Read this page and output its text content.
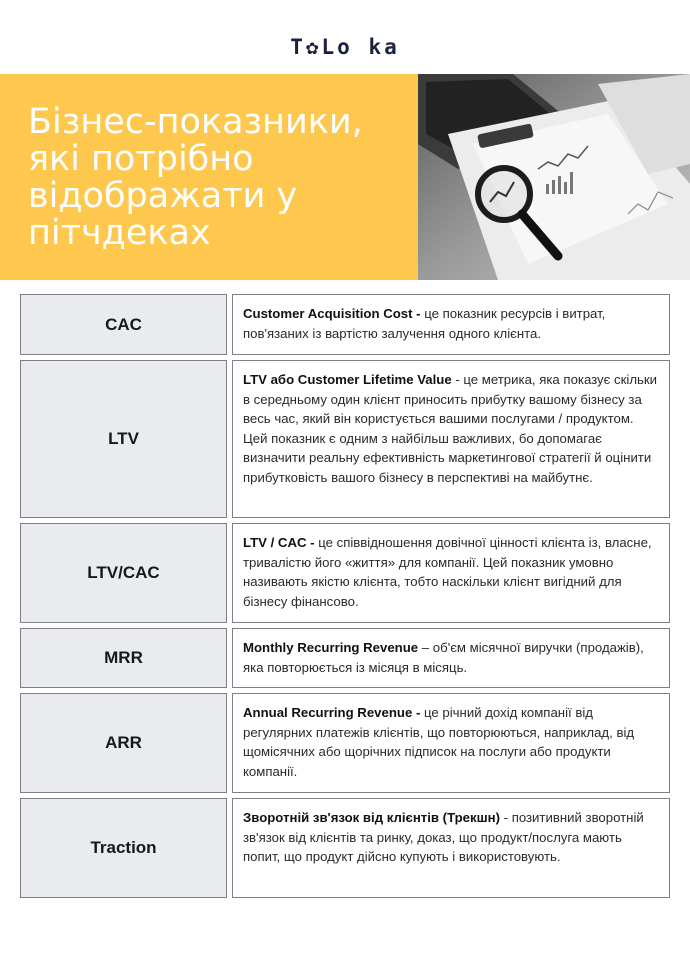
T✿Lo ka
Бізнес-показники,
які потрібно
відображати у
пітчдеках
CAC
Customer Acquisition Cost - це показник ресурсів і витрат, пов'язаних із вартістю залучення одного клієнта.
LTV
LTV або Customer Lifetime Value - це метрика, яка показує скільки в середньому один клієнт приносить прибутку вашому бізнесу за весь час, який він користується вашими послугами / продуктом. Цей показник є одним з найбільш важливих, бо допомагає визначити реальну ефективність маркетингової стратегії й оцінити прибутковість вашого бізнесу в перспективі на майбутнє.
LTV/CAC
LTV / CAC - це співвідношення довічної цінності клієнта із, власне, тривалістю його «життя» для компанії. Цей показник умовно називають якістю клієнта, тобто наскільки клієнт вигідний для бізнесу фінансово.
MRR
Monthly Recurring Revenue – об'єм місячної виручки (продажів), яка повторюється із місяця в місяць.
ARR
Annual Recurring Revenue - це річний дохід компанії від регулярних платежів клієнтів, що повторюються, наприклад, від щомісячних або щорічних підписок на послуги або продукти компанії.
Traction
Зворотній зв'язок від клієнтів (Трекшн) - позитивний зворотній зв'язок від клієнтів та ринку, доказ, що продукт/послуга мають попит, що продукт дійсно купують і використовують.
